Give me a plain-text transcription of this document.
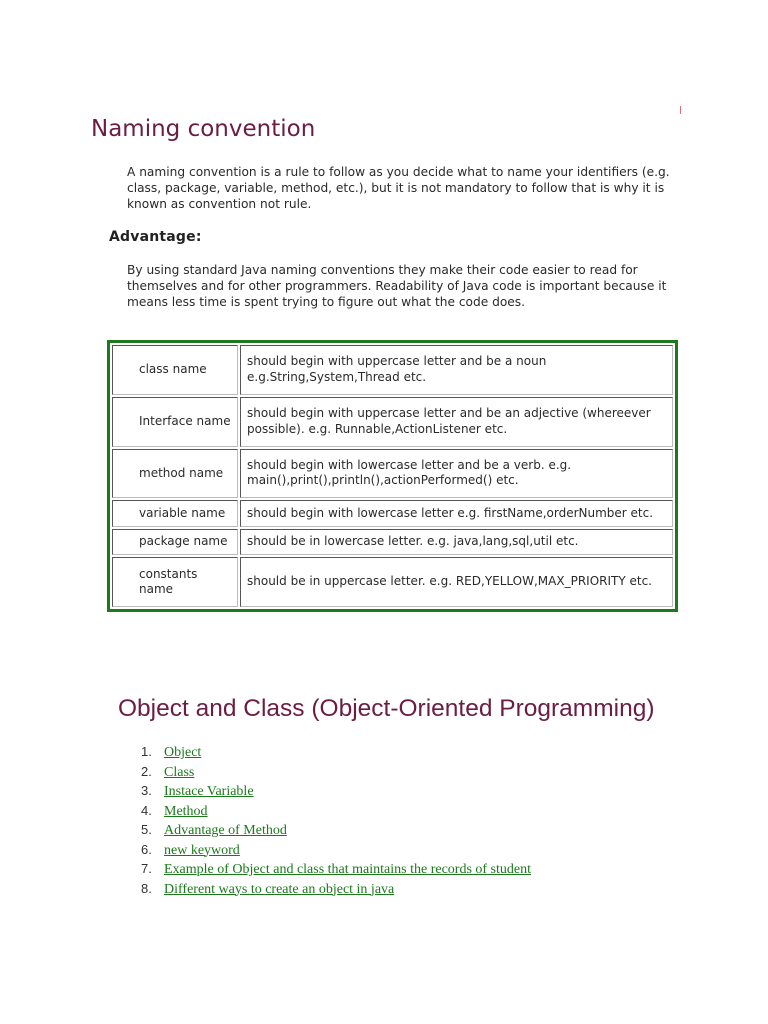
Naming convention

A naming convention is a rule to follow as you decide what to name your identifiers (e.g. class, package, variable, method, etc.), but it is not mandatory to follow that is why it is known as convention not rule.

Advantage:

By using standard Java naming conventions they make their code easier to read for themselves and for other programmers. Readability of Java code is important because it means less time is spent trying to figure out what the code does.

class name	should begin with uppercase letter and be a noun e.g.String,System,Thread etc.
Interface name	should begin with uppercase letter and be an adjective (whereever possible). e.g. Runnable,ActionListener etc.
method name	should begin with lowercase letter and be a verb. e.g. main(),print(),println(),actionPerformed() etc.
variable name	should begin with lowercase letter e.g. firstName,orderNumber etc.
package name	should be in lowercase letter. e.g. java,lang,sql,util etc.
constants name	should be in uppercase letter. e.g. RED,YELLOW,MAX_PRIORITY etc.
Object and Class (Object-Oriented Programming)
1. Object
2. Class
3. Instace Variable
4. Method
5. Advantage of Method
6. new keyword
7. Example of Object and class that maintains the records of student
8. Different ways to create an object in java
